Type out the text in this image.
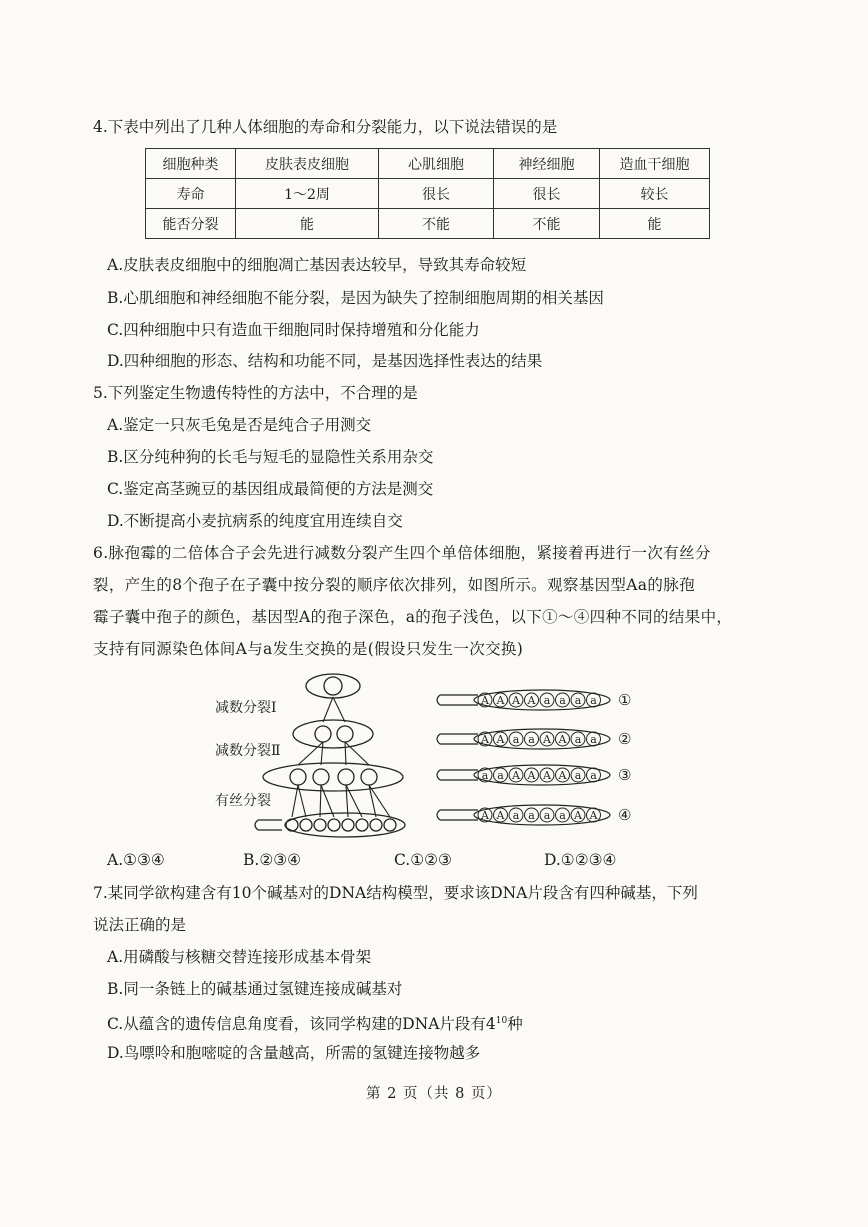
4.下表中列出了几种人体细胞的寿命和分裂能力，以下说法错误的是
细胞种类	皮肤表皮细胞	心肌细胞	神经细胞	造血干细胞
寿命	1～2周	很长	很长	较长
能否分裂	能	不能	不能	能
A.皮肤表皮细胞中的细胞凋亡基因表达较早，导致其寿命较短
B.心肌细胞和神经细胞不能分裂，是因为缺失了控制细胞周期的相关基因
C.四种细胞中只有造血干细胞同时保持增殖和分化能力
D.四种细胞的形态、结构和功能不同，是基因选择性表达的结果
5.下列鉴定生物遗传特性的方法中，不合理的是
A.鉴定一只灰毛兔是否是纯合子用测交
B.区分纯种狗的长毛与短毛的显隐性关系用杂交
C.鉴定高茎豌豆的基因组成最简便的方法是测交
D.不断提高小麦抗病系的纯度宜用连续自交
6.脉孢霉的二倍体合子会先进行减数分裂产生四个单倍体细胞，紧接着再进行一次有丝分
裂，产生的8个孢子在子囊中按分裂的顺序依次排列，如图所示。观察基因型Aa的脉孢
霉子囊中孢子的颜色，基因型A的孢子深色，a的孢子浅色，以下①～④四种不同的结果中，
支持有同源染色体间A与a发生交换的是(假设只发生一次交换)
减数分裂Ⅰ
减数分裂Ⅱ
有丝分裂
A A A A a a a a ①
A A a a A A a a ②
a a A A A A a a ③
A A a a a a A A ④
A.①③④	B.②③④	C.①②③	D.①②③④
7.某同学欲构建含有10个碱基对的DNA结构模型，要求该DNA片段含有四种碱基，下列
说法正确的是
A.用磷酸与核糖交替连接形成基本骨架
B.同一条链上的碱基通过氢键连接成碱基对
C.从蕴含的遗传信息角度看，该同学构建的DNA片段有$4^{10}$种
D.鸟嘌呤和胞嘧啶的含量越高，所需的氢键连接物越多
第 2 页（共 8 页）
